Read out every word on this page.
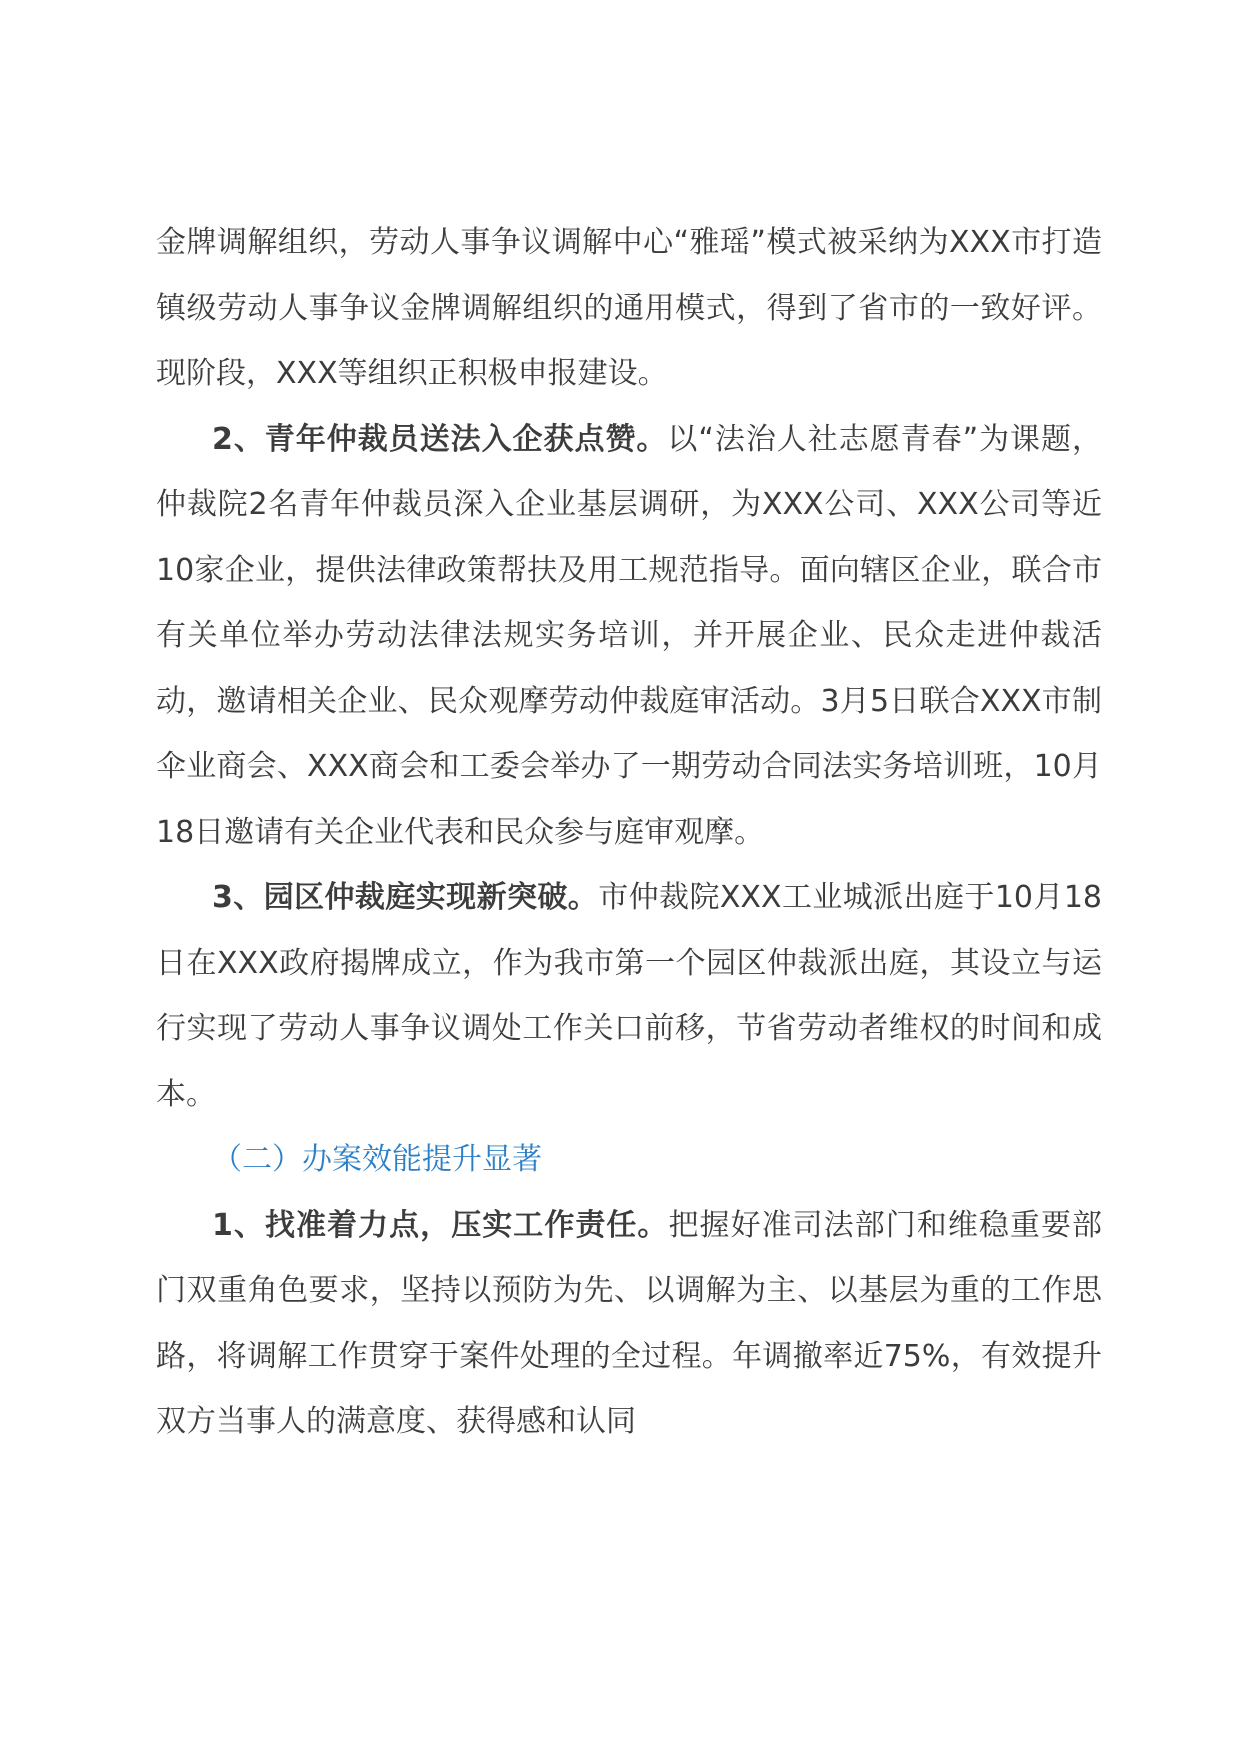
金牌调解组织，劳动人事争议调解中心“雅瑶”模式被采纳为XXX市打造镇级劳动人事争议金牌调解组织的通用模式，得到了省市的一致好评。现阶段，XXX等组织正积极申报建设。

2、青年仲裁员送法入企获点赞。以“法治人社志愿青春”为课题，仲裁院2名青年仲裁员深入企业基层调研，为XXX公司、XXX公司等近10家企业，提供法律政策帮扶及用工规范指导。面向辖区企业，联合市有关单位举办劳动法律法规实务培训，并开展企业、民众走进仲裁活动，邀请相关企业、民众观摩劳动仲裁庭审活动。3月5日联合XXX市制伞业商会、XXX商会和工委会举办了一期劳动合同法实务培训班，10月18日邀请有关企业代表和民众参与庭审观摩。

3、园区仲裁庭实现新突破。市仲裁院XXX工业城派出庭于10月18日在XXX政府揭牌成立，作为我市第一个园区仲裁派出庭，其设立与运行实现了劳动人事争议调处工作关口前移，节省劳动者维权的时间和成本。

（二）办案效能提升显著

1、找准着力点，压实工作责任。把握好准司法部门和维稳重要部门双重角色要求，坚持以预防为先、以调解为主、以基层为重的工作思路，将调解工作贯穿于案件处理的全过程。年调撤率近75%，有效提升双方当事人的满意度、获得感和认同
